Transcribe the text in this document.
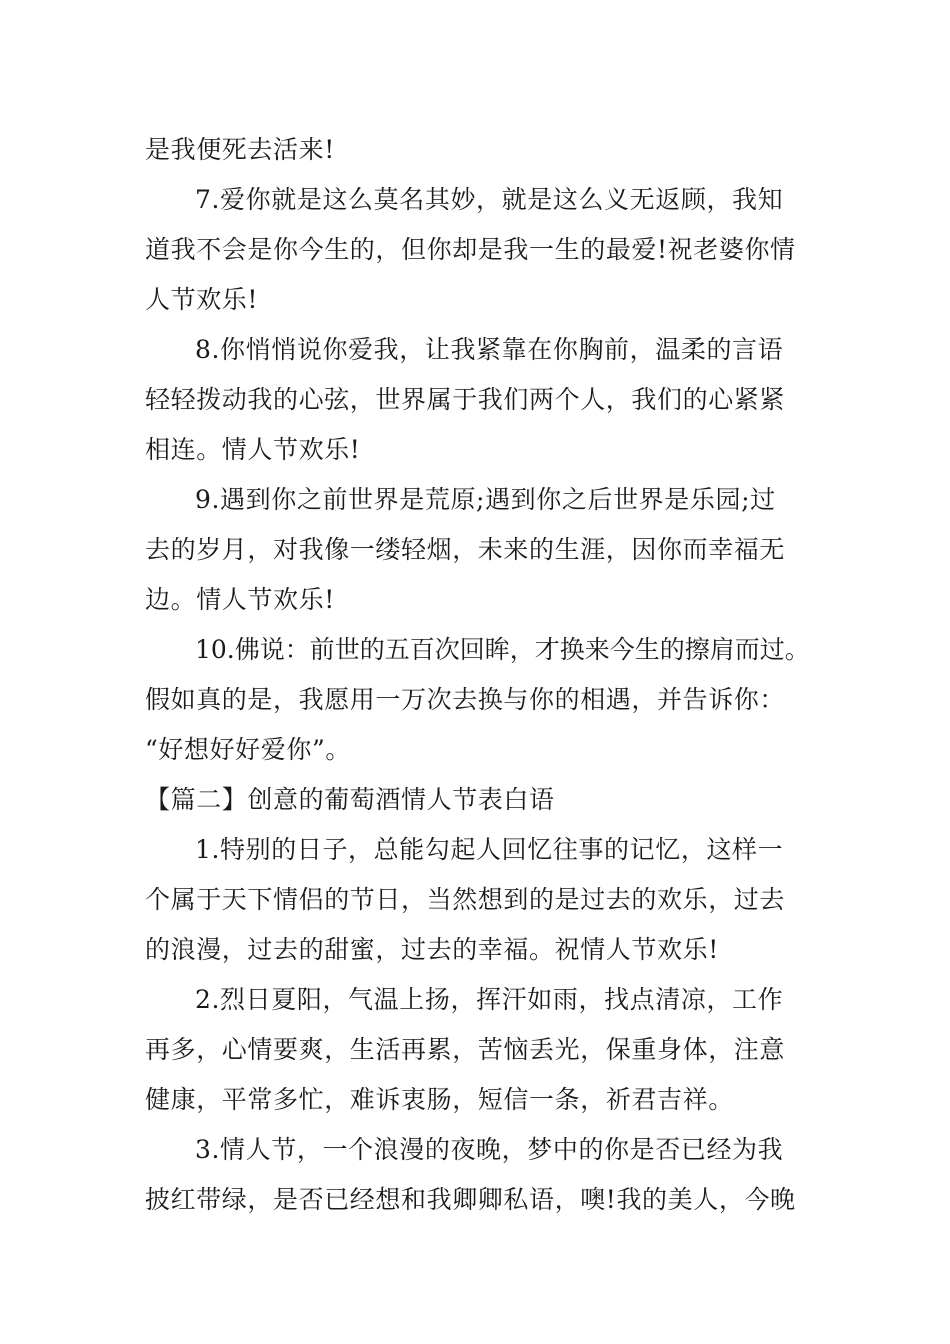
是我便死去活来!
7.爱你就是这么莫名其妙，就是这么义无返顾，我知
道我不会是你今生的，但你却是我一生的最爱!祝老婆你情
人节欢乐!
8.你悄悄说你爱我，让我紧靠在你胸前，温柔的言语
轻轻拨动我的心弦，世界属于我们两个人，我们的心紧紧
相连。情人节欢乐!
9.遇到你之前世界是荒原;遇到你之后世界是乐园;过
去的岁月，对我像一缕轻烟，未来的生涯，因你而幸福无
边。情人节欢乐!
10.佛说：前世的五百次回眸，才换来今生的擦肩而过。
假如真的是，我愿用一万次去换与你的相遇，并告诉你：
“好想好好爱你”。
【篇二】创意的葡萄酒情人节表白语
1.特别的日子，总能勾起人回忆往事的记忆，这样一
个属于天下情侣的节日，当然想到的是过去的欢乐，过去
的浪漫，过去的甜蜜，过去的幸福。祝情人节欢乐!
2.烈日夏阳，气温上扬，挥汗如雨，找点清凉，工作
再多，心情要爽，生活再累，苦恼丢光，保重身体，注意
健康，平常多忙，难诉衷肠，短信一条，祈君吉祥。
3.情人节，一个浪漫的夜晚，梦中的你是否已经为我
披红带绿，是否已经想和我卿卿私语，噢!我的美人，今晚
